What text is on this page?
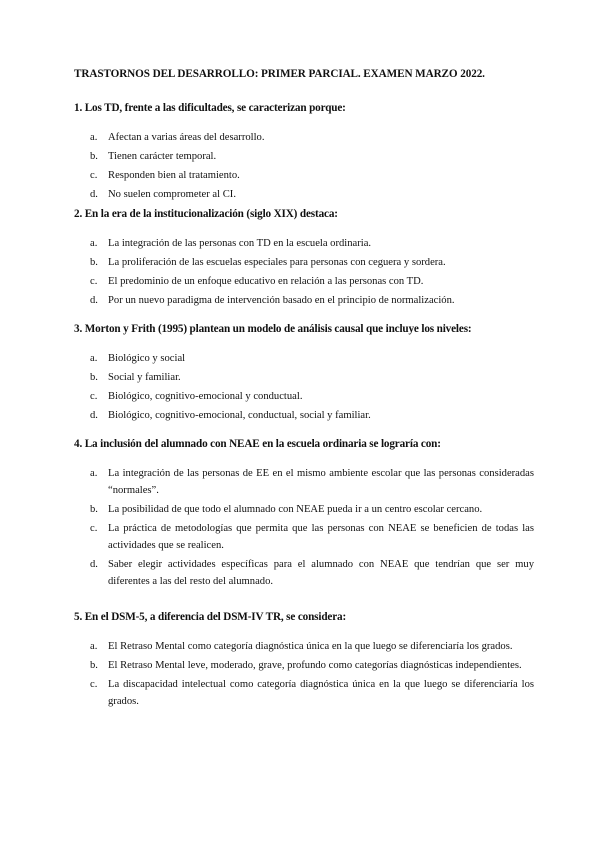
TRASTORNOS DEL DESARROLLO: PRIMER PARCIAL. EXAMEN MARZO 2022.
1. Los TD, frente a las dificultades, se caracterizan porque:
a. Afectan a varias áreas del desarrollo.
b. Tienen carácter temporal.
c. Responden bien al tratamiento.
d. No suelen comprometer al CI.
2. En la era de la institucionalización (siglo XIX) destaca:
a. La integración de las personas con TD en la escuela ordinaria.
b. La proliferación de las escuelas especiales para personas con ceguera y sordera.
c. El predominio de un enfoque educativo en relación a las personas con TD.
d. Por un nuevo paradigma de intervención basado en el principio de normalización.
3. Morton y Frith (1995) plantean un modelo de análisis causal que incluye los niveles:
a. Biológico y social
b. Social y familiar.
c. Biológico, cognitivo-emocional y conductual.
d. Biológico, cognitivo-emocional, conductual, social y familiar.
4. La inclusión del alumnado con NEAE en la escuela ordinaria se lograría con:
a. La integración de las personas de EE en el mismo ambiente escolar que las personas consideradas “normales”.
b. La posibilidad de que todo el alumnado con NEAE pueda ir a un centro escolar cercano.
c. La práctica de metodologías que permita que las personas con NEAE se beneficien de todas las actividades que se realicen.
d. Saber elegir actividades específicas para el alumnado con NEAE que tendrían que ser muy diferentes a las del resto del alumnado.
5. En el DSM-5, a diferencia del DSM-IV TR, se considera:
a. El Retraso Mental como categoría diagnóstica única en la que luego se diferenciaría los grados.
b. El Retraso Mental leve, moderado, grave, profundo como categorías diagnósticas independientes.
c. La discapacidad intelectual como categoría diagnóstica única en la que luego se diferenciaría los grados.
